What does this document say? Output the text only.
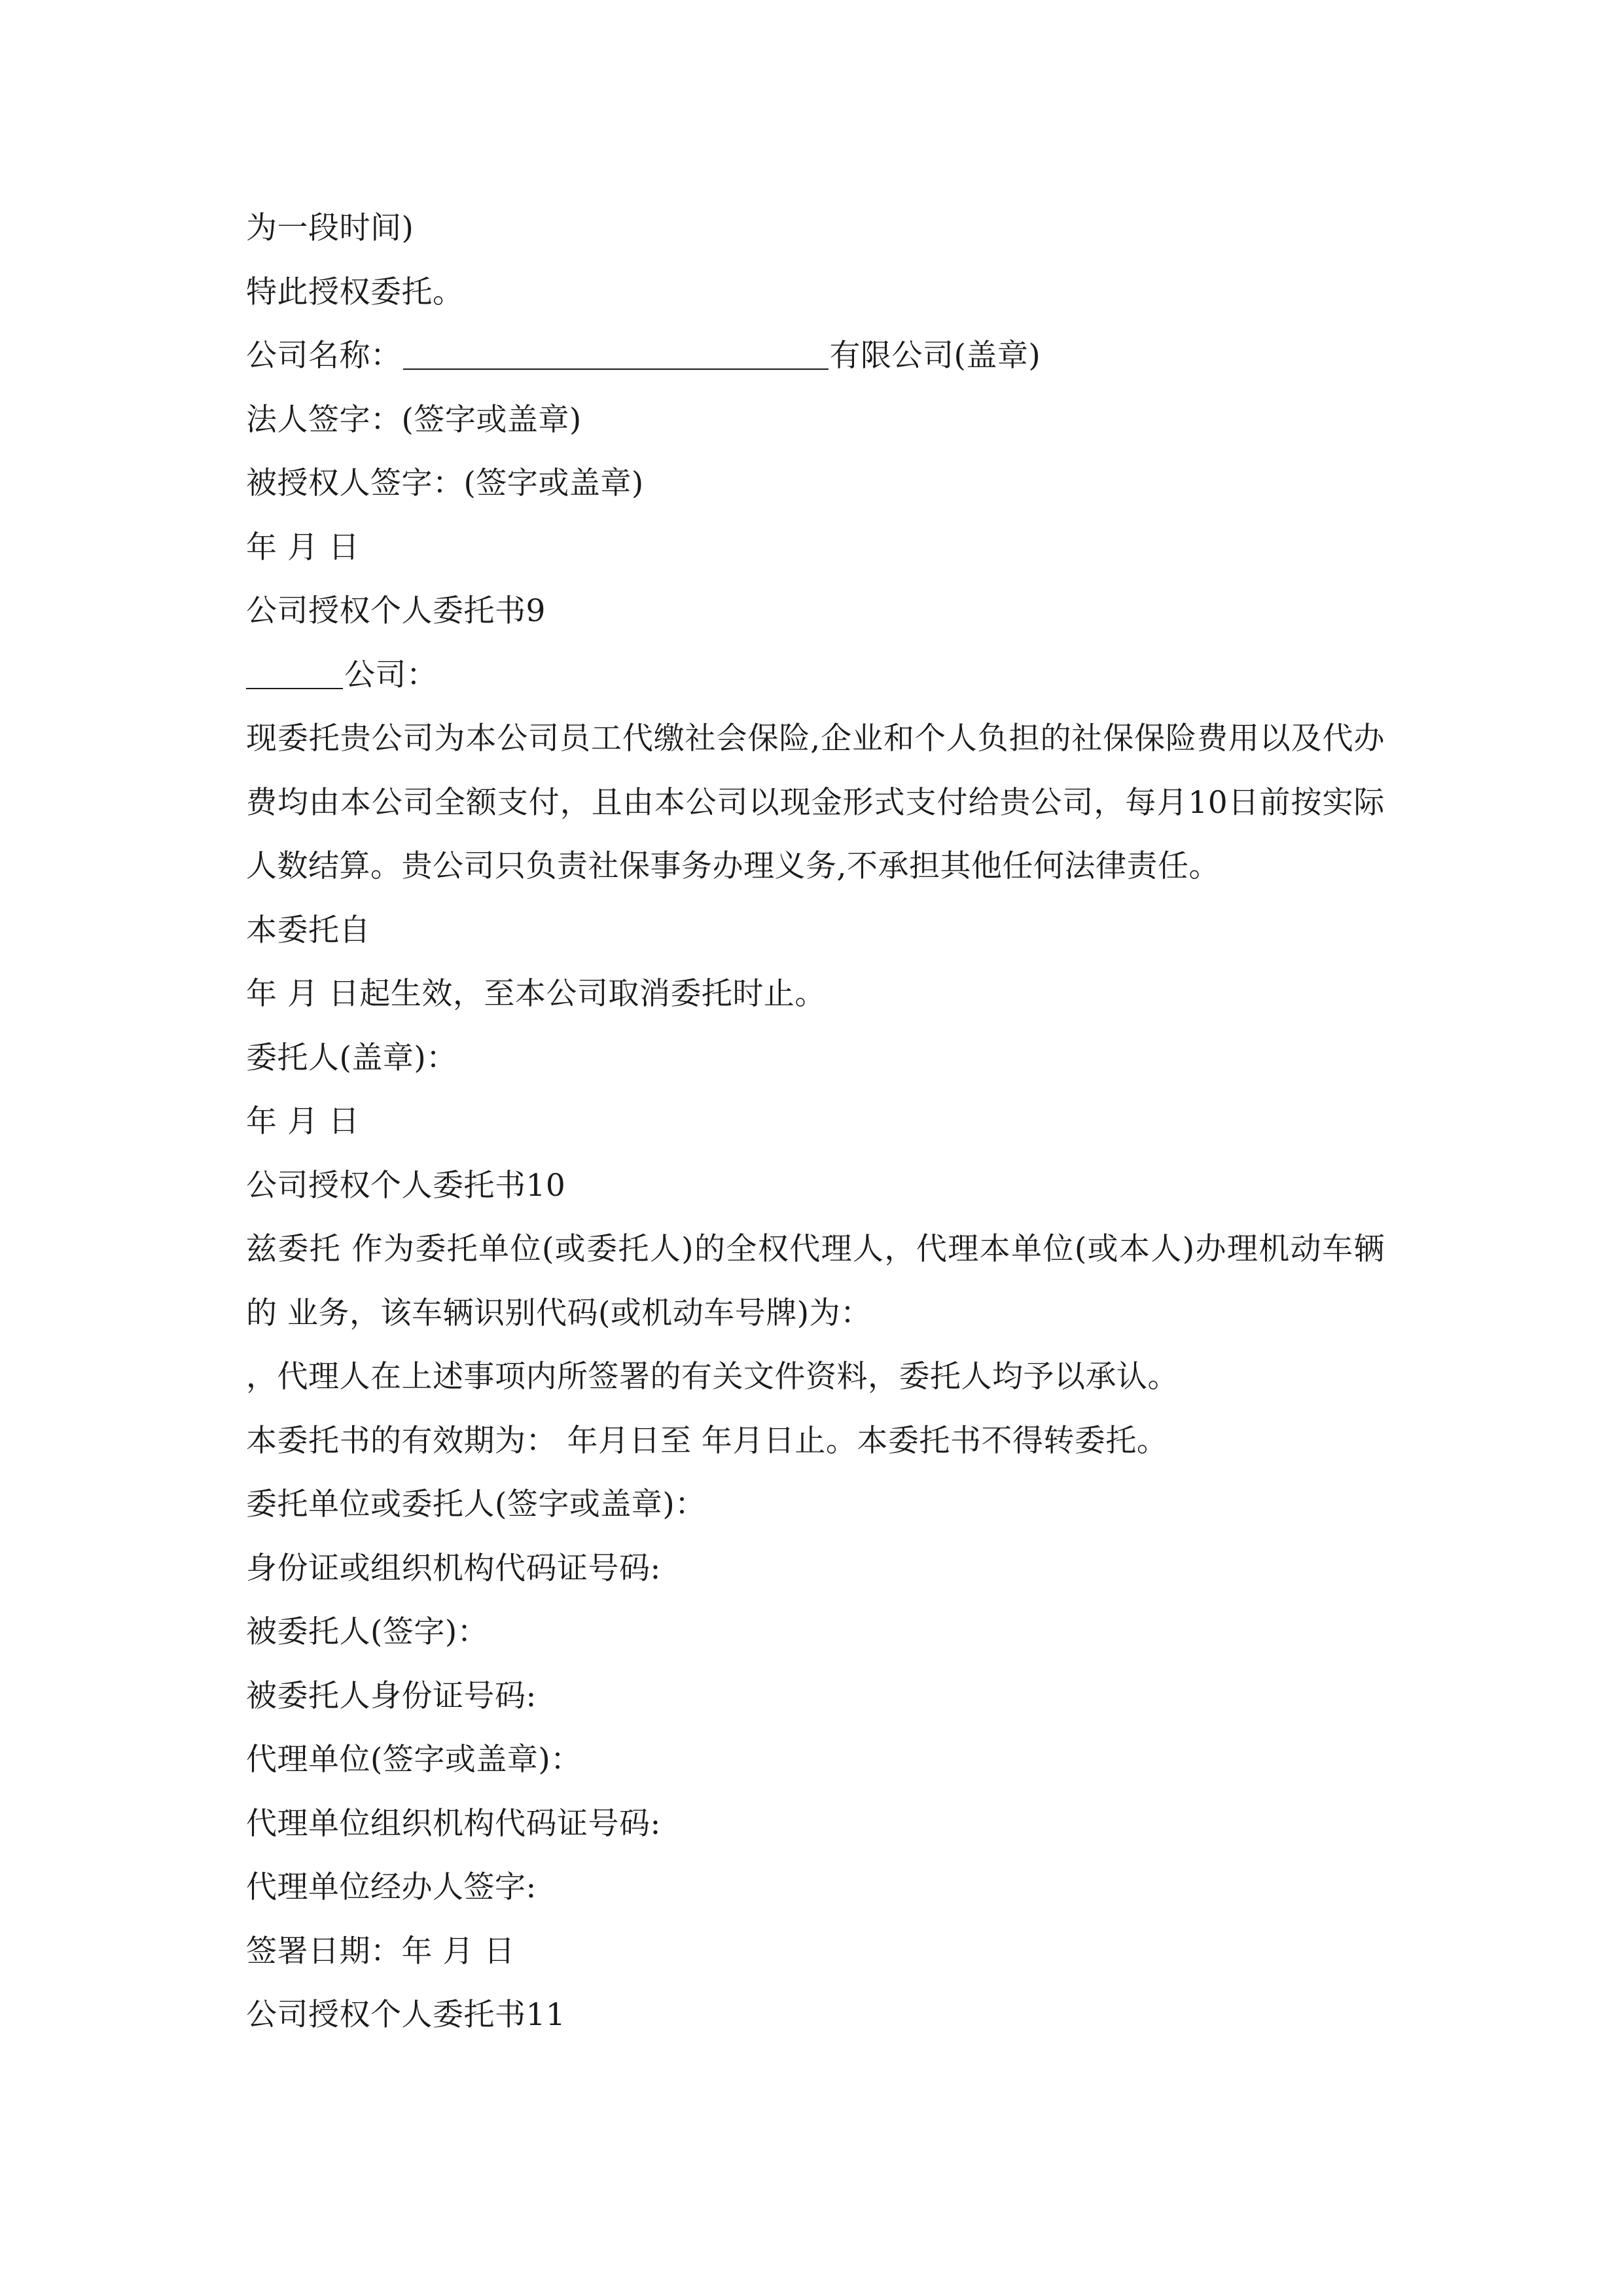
为一段时间)
特此授权委托。
公司名称：	有限公司(盖章)
法人签字：(签字或盖章)
被授权人签字：(签字或盖章)
年 月 日
公司授权个人委托书9
公司：
现委托贵公司为本公司员工代缴社会保险,企业和个人负担的社保保险费用以及代办费均由本公司全额支付，且由本公司以现金形式支付给贵公司，每月10日前按实际人数结算。贵公司只负责社保事务办理义务,不承担其他任何法律责任。
本委托自
年 月 日起生效，至本公司取消委托时止。
委托人(盖章)：
年 月 日
公司授权个人委托书10
兹委托 作为委托单位(或委托人)的全权代理人，代理本单位(或本人)办理机动车辆的 业务，该车辆识别代码(或机动车号牌)为：
，代理人在上述事项内所签署的有关文件资料，委托人均予以承认。
本委托书的有效期为： 年月日至 年月日止。本委托书不得转委托。
委托单位或委托人(签字或盖章)：
身份证或组织机构代码证号码:
被委托人(签字)：
被委托人身份证号码:
代理单位(签字或盖章)：
代理单位组织机构代码证号码:
代理单位经办人签字:
签署日期：年 月 日
公司授权个人委托书11
